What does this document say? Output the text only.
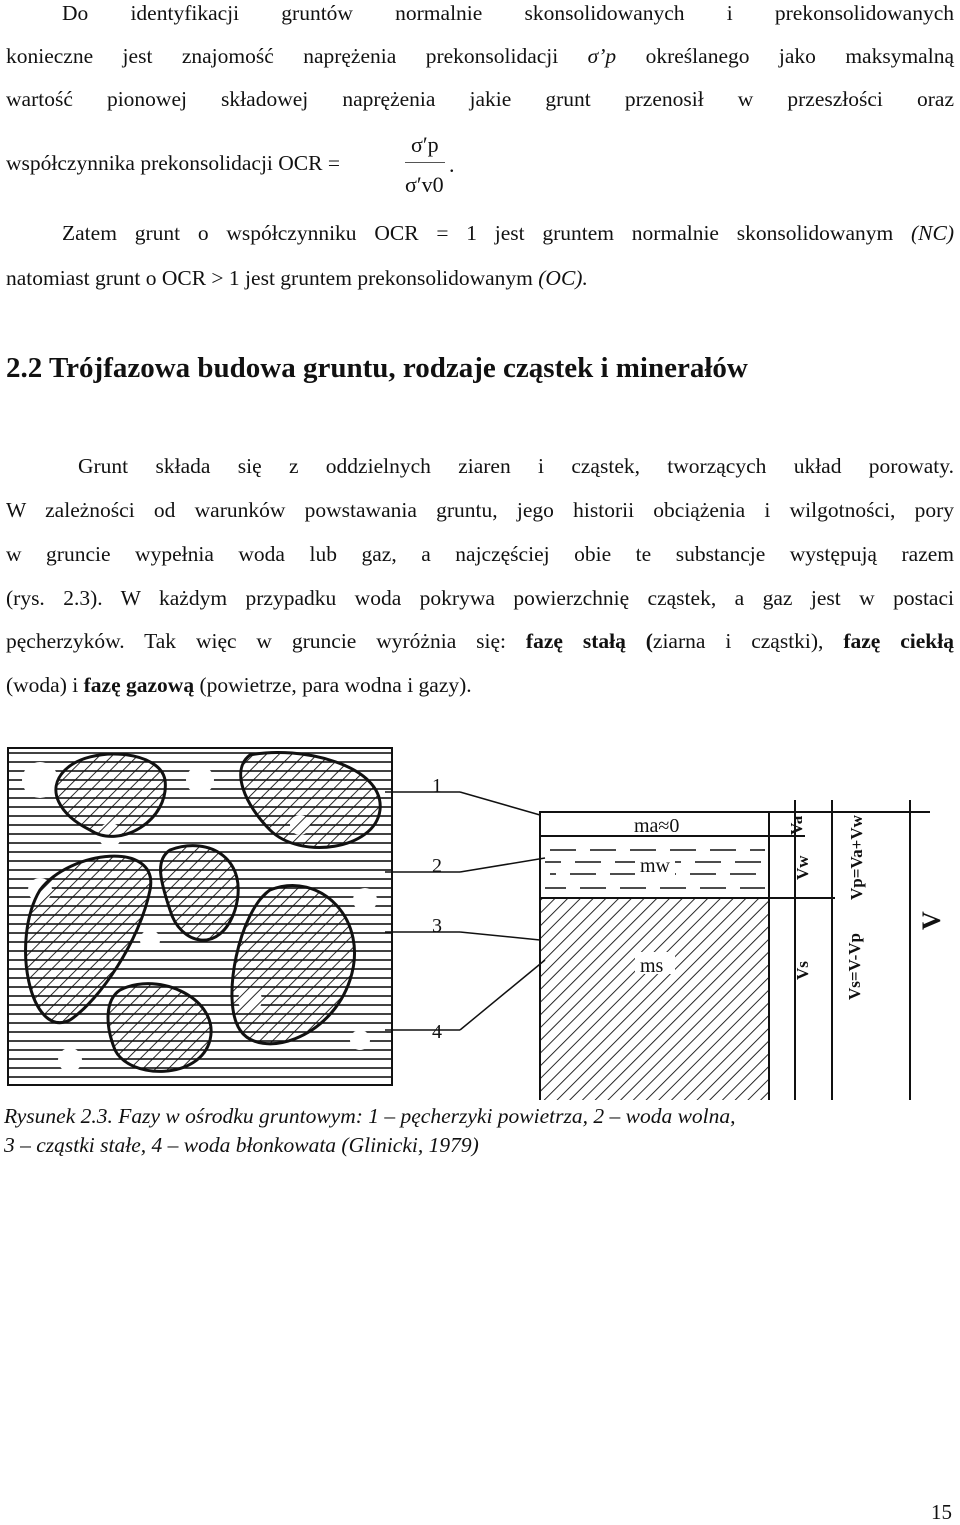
Do identyfikacji gruntów normalnie skonsolidowanych i prekonsolidowanych
konieczne jest znajomość naprężenia prekonsolidacji σ’p określanego jako maksymalną
wartość pionowej składowej naprężenia jakie grunt przenosił w przeszłości oraz
współczynnika prekonsolidacji OCR =
σ′p
σ′v0
.
Zatem grunt o współczynniku OCR = 1 jest gruntem normalnie skonsolidowanym (NC)
natomiast grunt o OCR > 1 jest gruntem prekonsolidowanym (OC).
2.2 Trójfazowa budowa gruntu, rodzaje cząstek i minerałów
Grunt składa się z oddzielnych ziaren i cząstek, tworzących układ porowaty.
W zależności od warunków powstawania gruntu, jego historii obciążenia i wilgotności, pory
w gruncie wypełnia woda lub gaz, a najczęściej obie te substancje występują razem
(rys. 2.3). W każdym przypadku woda pokrywa powierzchnię cząstek, a gaz jest w postaci
pęcherzyków. Tak więc w gruncie wyróżnia się: fazę stałą (ziarna i cząstki), fazę ciekłą
(woda) i fazę gazową (powietrze, para wodna i gazy).
1
2
3
4
ma≈0
mw
ms
Va
Vw
Vs
Vp=Va+Vw
Vs=V-Vp
V
Rysunek 2.3. Fazy w ośrodku gruntowym: 1 – pęcherzyki powietrza, 2 – woda wolna,
3 – cząstki stałe, 4 – woda błonkowata (Glinicki, 1979)
15
